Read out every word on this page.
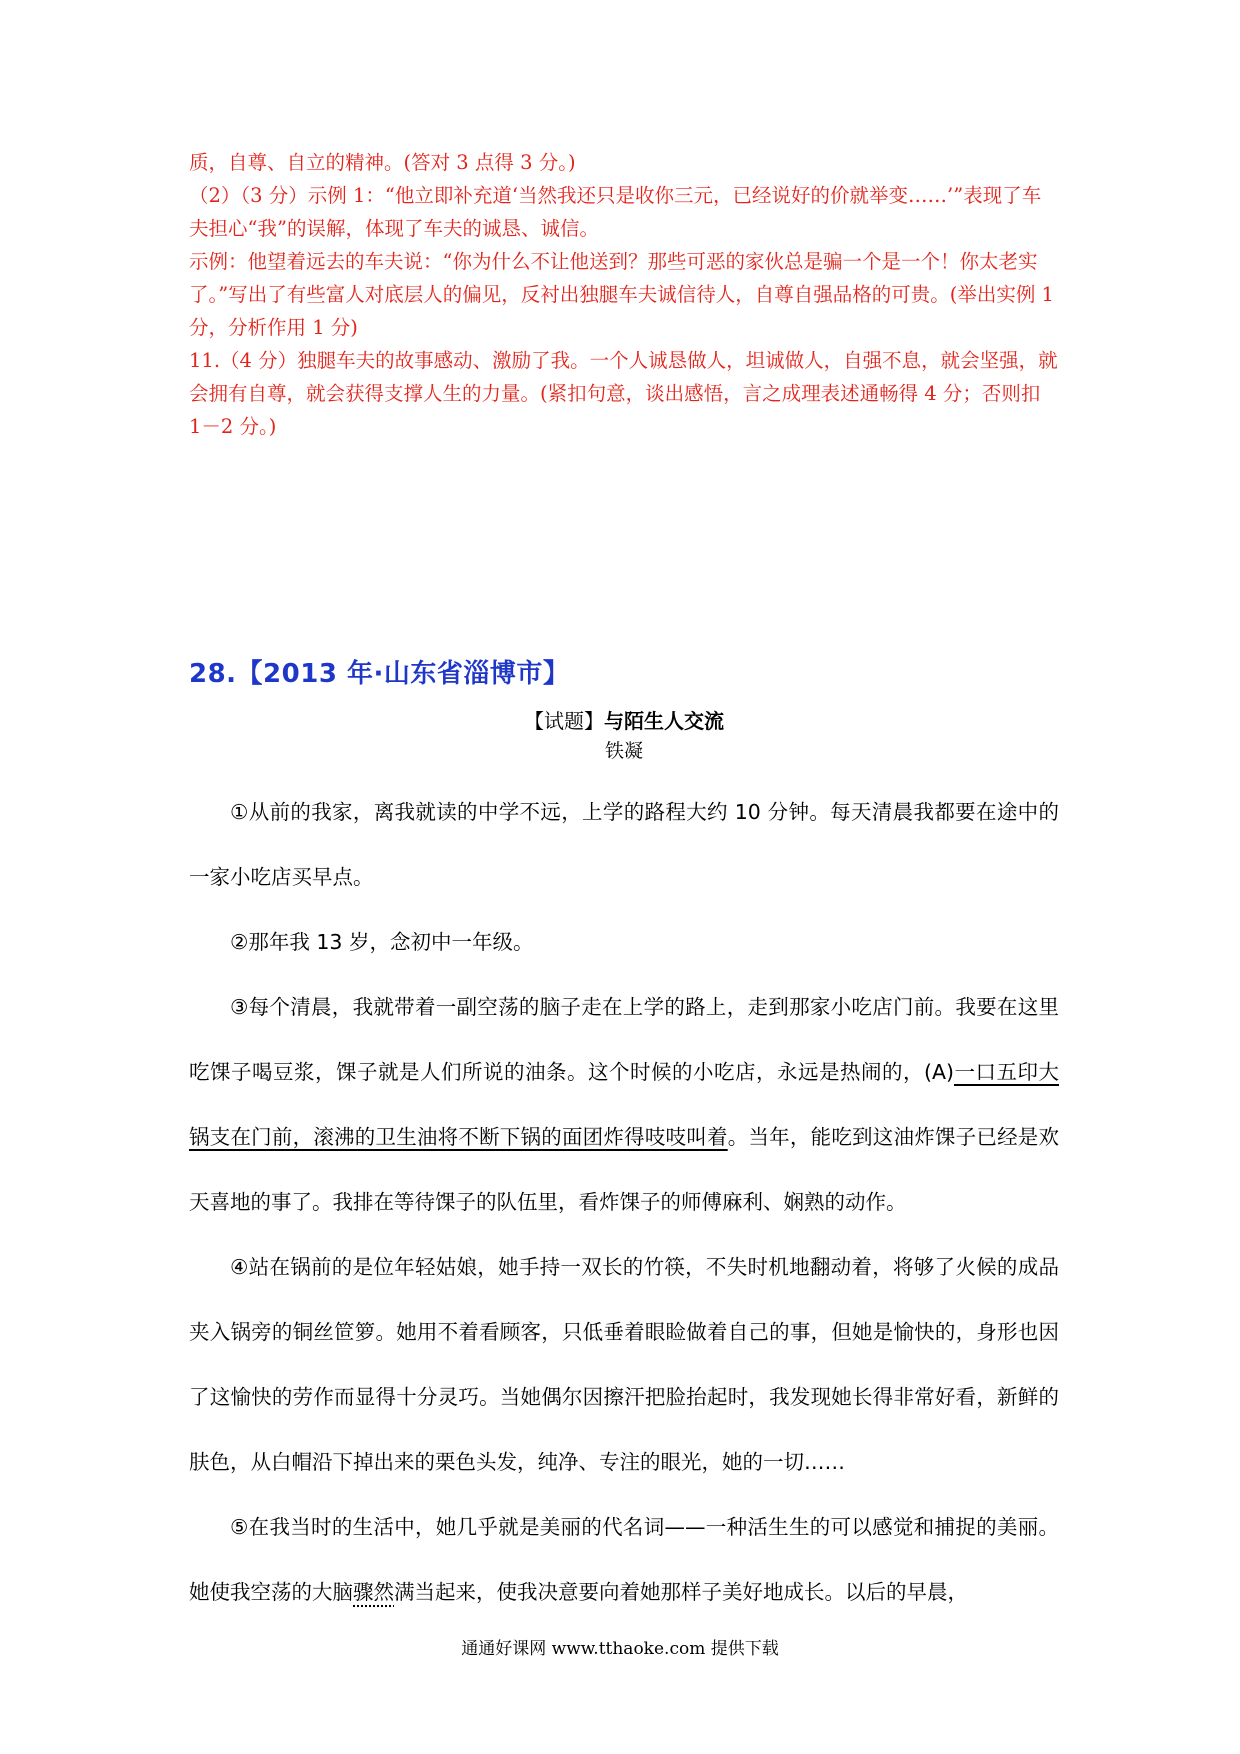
质，自尊、自立的精神。(答对 3 点得 3 分。)

（2）（3 分）示例 1：“他立即补充道‘当然我还只是收你三元，已经说好的价就举变……’”表现了车夫担心“我”的误解，体现了车夫的诚恳、诚信。

示例：他望着远去的车夫说：“你为什么不让他送到？那些可恶的家伙总是骗一个是一个！你太老实了。”写出了有些富人对底层人的偏见，反衬出独腿车夫诚信待人，自尊自强品格的可贵。(举出实例 1 分，分析作用 1 分)

11.（4 分）独腿车夫的故事感动、激励了我。一个人诚恳做人，坦诚做人，自强不息，就会坚强，就会拥有自尊，就会获得支撑人生的力量。(紧扣句意，谈出感悟，言之成理表述通畅得 4 分；否则扣 1－2 分。)

28.【2013 年·山东省淄博市】
【试题】与陌生人交流
铁凝

①从前的我家，离我就读的中学不远，上学的路程大约 10 分钟。每天清晨我都要在途中的一家小吃店买早点。

②那年我 13 岁，念初中一年级。

③每个清晨，我就带着一副空荡的脑子走在上学的路上，走到那家小吃店门前。我要在这里吃馃子喝豆浆，馃子就是人们所说的油条。这个时候的小吃店，永远是热闹的，(A)一口五印大锅支在门前，滚沸的卫生油将不断下锅的面团炸得吱吱叫着。当年，能吃到这油炸馃子已经是欢天喜地的事了。我排在等待馃子的队伍里，看炸馃子的师傅麻利、娴熟的动作。

④站在锅前的是位年轻姑娘，她手持一双长的竹筷，不失时机地翻动着，将够了火候的成品夹入锅旁的铜丝笸箩。她用不着看顾客，只低垂着眼睑做着自己的事，但她是愉快的，身形也因了这愉快的劳作而显得十分灵巧。当她偶尔因擦汗把脸抬起时，我发现她长得非常好看，新鲜的肤色，从白帽沿下掉出来的栗色头发，纯净、专注的眼光，她的一切……

⑤在我当时的生活中，她几乎就是美丽的代名词——一种活生生的可以感觉和捕捉的美丽。她使我空荡的大脑骤然满当起来，使我决意要向着她那样子美好地成长。以后的早晨，

通通好课网 www.tthaoke.com 提供下载
